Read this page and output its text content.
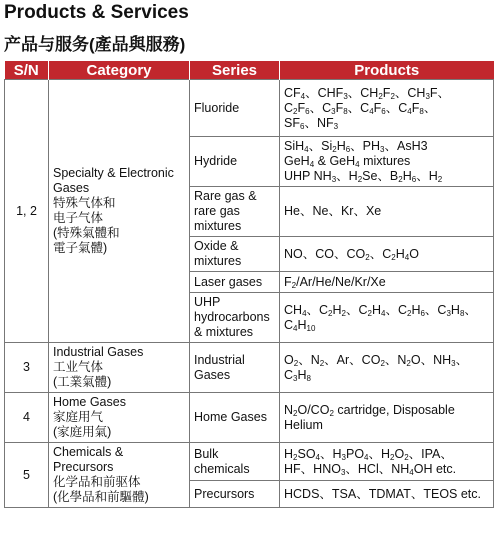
Products & Services
产品与服务(產品與服務)
S/N	Category	Series	Products
1, 2	Specialty & Electronic Gases
特殊气体和
电子气体
(特殊氣體和
電子氣體)	Fluoride	$CF_4$、$CHF_3$、$CH_2F_2$、$CH_3F$、
$C_2F_6$、$C_3F_8$、$C_4F_6$、$C_4F_8$、
$SF_6$、$NF_3$

		Hydride	SiH$_4$、$Si_2H_6$、$PH_3$、AsH3
GeH$_4$ & GeH$_4$ mixtures
UHP $NH_3$、$H_2Se$、$B_2H_6$、$H_2$

		Rare gas &
rare gas
mixtures	He、Ne、Kr、Xe

		Oxide &
mixtures	NO、CO、$CO_2$、$C_2H_4O$

		Laser gases	$F_2/Ar/He/Ne/Kr/Xe$

		UHP
hydrocarbons
& mixtures	$CH_4$、$C_2H_2$、$C_2H_4$、$C_2H_6$、$C_3H_8$、
$C_4H_{10}$

3	Industrial Gases
工业气体
(工業氣體)	Industrial
Gases	$O_2$、$N_2$、Ar、$CO_2$、$N_2O$、$NH_3$、
$C_3H_8$

4	Home Gases
家庭用气
(家庭用氣)	Home Gases	$N_2O/CO_2$ cartridge, Disposable
Helium

5	Chemicals &
Precursors
化学品和前驱体
(化學品和前驅體)	Bulk
chemicals	$H_2SO_4$、$H_3PO_4$、$H_2O_2$、IPA、
HF、$HNO_3$、HCl、$NH_4OH$ etc.

		Precursors	HCDS、TSA、TDMAT、TEOS etc.
